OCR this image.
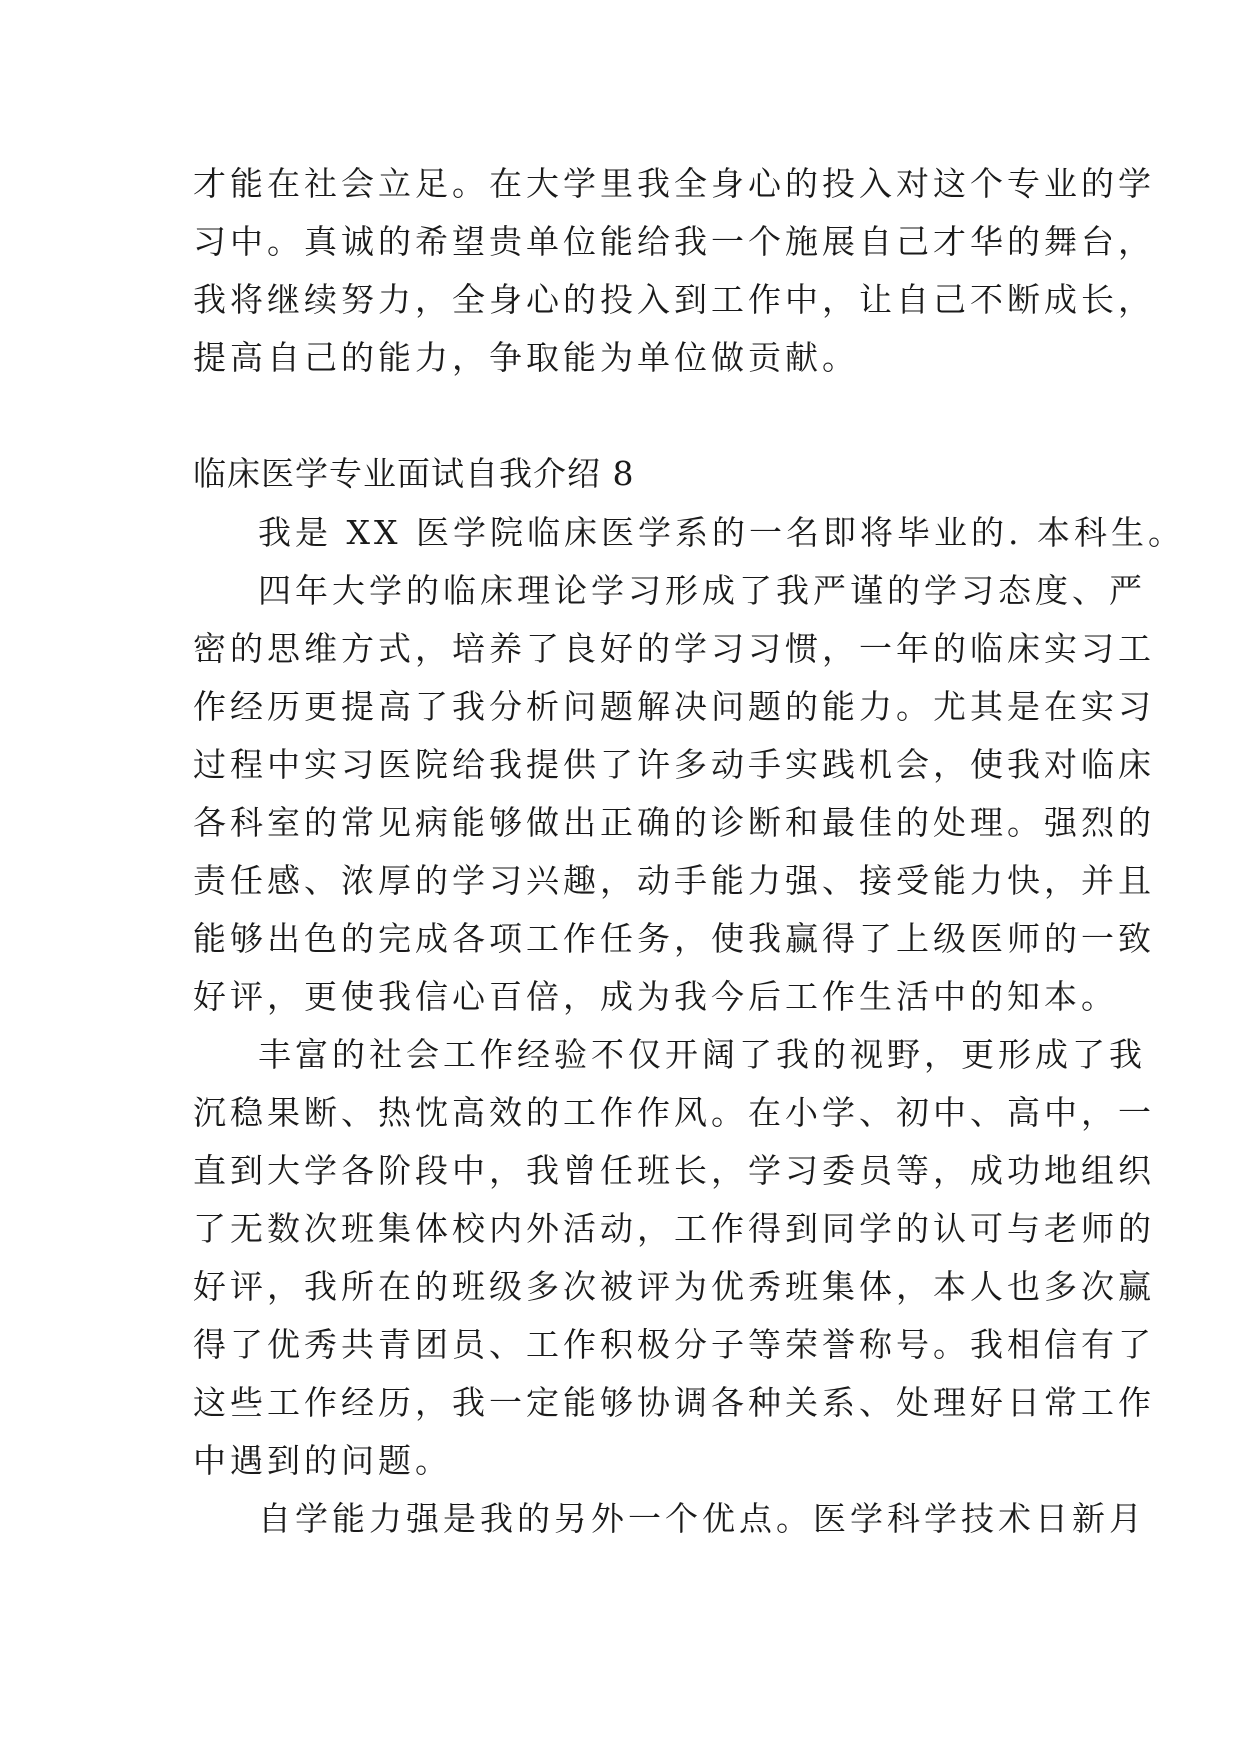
才能在社会立足。在大学里我全身心的投入对这个专业的学
习中。真诚的希望贵单位能给我一个施展自己才华的舞台，
我将继续努力，全身心的投入到工作中，让自己不断成长，
提高自己的能力，争取能为单位做贡献。
临床医学专业面试自我介绍 8
我是 XX 医学院临床医学系的一名即将毕业的. 本科生。
四年大学的临床理论学习形成了我严谨的学习态度、严
密的思维方式，培养了良好的学习习惯，一年的临床实习工
作经历更提高了我分析问题解决问题的能力。尤其是在实习
过程中实习医院给我提供了许多动手实践机会，使我对临床
各科室的常见病能够做出正确的诊断和最佳的处理。强烈的
责任感、浓厚的学习兴趣，动手能力强、接受能力快，并且
能够出色的完成各项工作任务，使我赢得了上级医师的一致
好评，更使我信心百倍，成为我今后工作生活中的知本。
丰富的社会工作经验不仅开阔了我的视野，更形成了我
沉稳果断、热忱高效的工作作风。在小学、初中、高中，一
直到大学各阶段中，我曾任班长，学习委员等，成功地组织
了无数次班集体校内外活动，工作得到同学的认可与老师的
好评，我所在的班级多次被评为优秀班集体，本人也多次赢
得了优秀共青团员、工作积极分子等荣誉称号。我相信有了
这些工作经历，我一定能够协调各种关系、处理好日常工作
中遇到的问题。
自学能力强是我的另外一个优点。医学科学技术日新月
